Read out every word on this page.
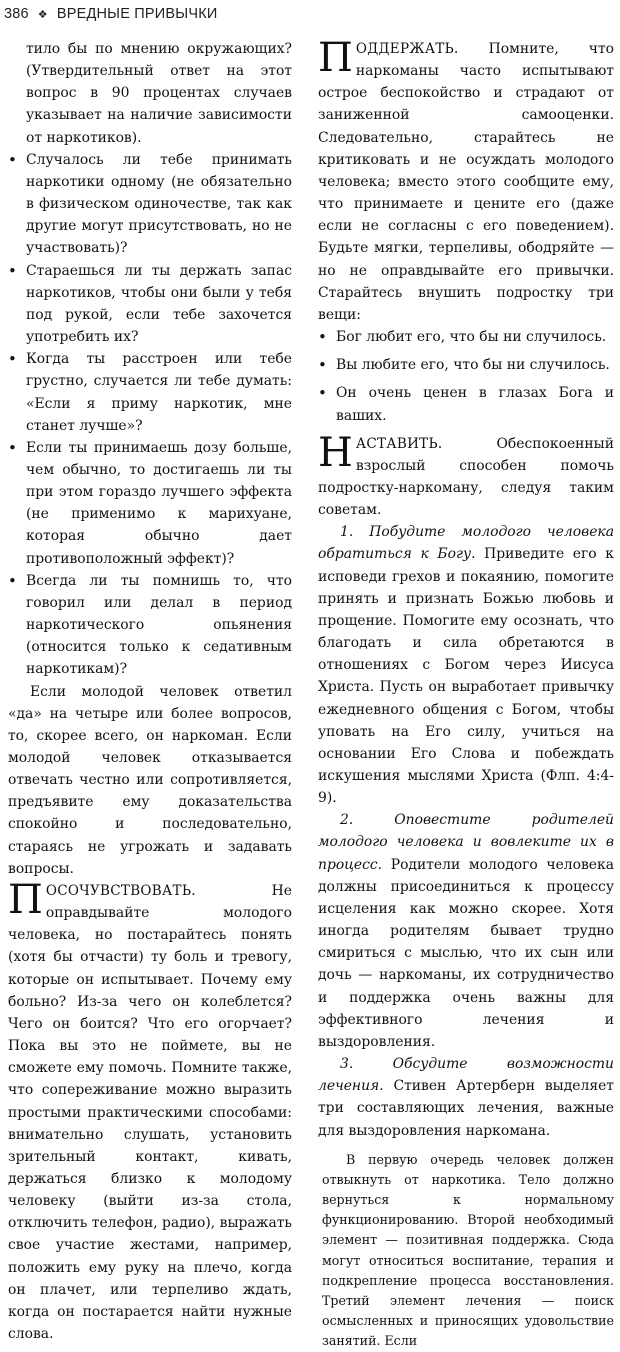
386 ❖ ВРЕДНЫЕ ПРИВЫЧКИ

тило бы по мнению окружающих? (Утвердительный ответ на этот вопрос в 90 процентах случаев указывает на наличие зависимости от наркотиков).

• Случалось ли тебе принимать наркотики одному (не обязательно в физическом одиночестве, так как другие могут присутствовать, но не участвовать)?
• Стараешься ли ты держать запас наркотиков, чтобы они были у тебя под рукой, если тебе захочется употребить их?
• Когда ты расстроен или тебе грустно, случается ли тебе думать: «Если я приму наркотик, мне станет лучше»?
• Если ты принимаешь дозу больше, чем обычно, то достигаешь ли ты при этом гораздо лучшего эффекта (не применимо к марихуане, которая обычно дает противоположный эффект)?
• Всегда ли ты помнишь то, что говорил или делал в период наркотического опьянения (относится только к седативным наркотикам)?

Если молодой человек ответил «да» на четыре или более вопросов, то, скорее всего, он наркоман. Если молодой человек отказывается отвечать честно или сопротивляется, предъявите ему доказательства спокойно и последовательно, стараясь не угрожать и задавать вопросы.

ПОСОЧУВСТВОВАТЬ. Не оправдывайте молодого человека, но постарайтесь понять (хотя бы отчасти) ту боль и тревогу, которые он испытывает. Почему ему больно? Из-за чего он колеблется? Чего он боится? Что его огорчает? Пока вы это не поймете, вы не сможете ему помочь. Помните также, что сопереживание можно выразить простыми практическими способами: внимательно слушать, установить зрительный контакт, кивать, держаться близко к молодому человеку (выйти из-за стола, отключить телефон, радио), выражать свое участие жестами, например, положить ему руку на плечо, когда он плачет, или терпеливо ждать, когда он постарается найти нужные слова.

ПОДДЕРЖАТЬ. Помните, что наркоманы часто испытывают острое беспокойство и страдают от заниженной самооценки. Следовательно, старайтесь не критиковать и не осуждать молодого человека; вместо этого сообщите ему, что принимаете и цените его (даже если не согласны с его поведением). Будьте мягки, терпеливы, ободряйте — но не оправдывайте его привычки. Старайтесь внушить подростку три вещи:

• Бог любит его, что бы ни случилось.
• Вы любите его, что бы ни случилось.
• Он очень ценен в глазах Бога и ваших.

НАСТАВИТЬ. Обеспокоенный взрослый способен помочь подростку-наркоману, следуя таким советам.

1. Побудите молодого человека обратиться к Богу. Приведите его к исповеди грехов и покаянию, помогите принять и признать Божью любовь и прощение. Помогите ему осознать, что благодать и сила обретаются в отношениях с Богом через Иисуса Христа. Пусть он выработает привычку ежедневного общения с Богом, чтобы уповать на Его силу, учиться на основании Его Слова и побеждать искушения мыслями Христа (Флп. 4:4-9).

2. Оповестите родителей молодого человека и вовлеките их в процесс. Родители молодого человека должны присоединиться к процессу исцеления как можно скорее. Хотя иногда родителям бывает трудно смириться с мыслью, что их сын или дочь — наркоманы, их сотрудничество и поддержка очень важны для эффективного лечения и выздоровления.

3. Обсудите возможности лечения. Стивен Артерберн выделяет три составляющих лечения, важные для выздоровления наркомана.

В первую очередь человек должен отвыкнуть от наркотика. Тело должно вернуться к нормальному функционированию. Второй необходимый элемент — позитивная поддержка. Сюда могут относиться воспитание, терапия и подкрепление процесса восстановления. Третий элемент лечения — поиск осмысленных и приносящих удовольствие занятий. Если
